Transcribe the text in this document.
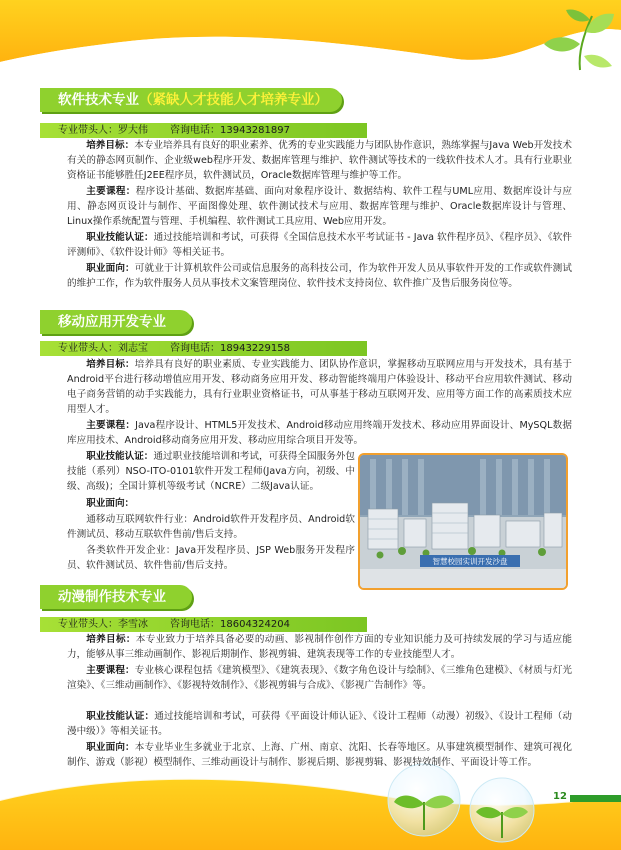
软件技术专业（紧缺人才技能人才培养专业）
专业带头人：罗大伟 咨询电话：13943281897

培养目标：本专业培养具有良好的职业素养、优秀的专业实践能力与团队协作意识，熟练掌握与Java Web开发技术有关的静态网页制作、企业级web程序开发、数据库管理与维护、软件测试等技术的一线软件技术人才。具有行业职业资格证书能够胜任J2EE程序员，软件测试员，Oracle数据库管理与维护等工作。

主要课程：程序设计基础、数据库基础、面向对象程序设计、数据结构、软件工程与UML应用、数据库设计与应用、静态网页设计与制作、平面图像处理、软件测试技术与应用、数据库管理与维护、Oracle数据库设计与管理、Linux操作系统配置与管理、手机编程、软件测试工具应用、Web应用开发。

职业技能认证：通过技能培训和考试，可获得《全国信息技术水平考试证书 - Java 软件程序员》、《程序员》、《软件评测师》、《软件设计师》等相关证书。

职业面向：可就业于计算机软件公司或信息服务的高科技公司，作为软件开发人员从事软件开发的工作或软件测试的维护工作，作为软件服务人员从事技术文案管理岗位、软件技术支持岗位、软件推广及售后服务岗位等。

移动应用开发专业
专业带头人：刘志宝 咨询电话：18943229158

培养目标：培养具有良好的职业素质、专业实践能力、团队协作意识，掌握移动互联网应用与开发技术，具有基于Android平台进行移动增值应用开发、移动商务应用开发、移动智能终端用户体验设计、移动平台应用软件测试、移动电子商务营销的动手实践能力，具有行业职业资格证书，可从事基于移动互联网开发、应用等方面工作的高素质技术应用型人才。

主要课程：Java程序设计、HTML5开发技术、Android移动应用终端开发技术、移动应用界面设计、MySQL数据库应用技术、Android移动商务应用开发、移动应用综合项目开发等。

职业技能认证：通过职业技能培训和考试，可获得全国服务外包技能（系列）NSO-ITO-0101软件开发工程师(Java方向，初级、中级、高级)；全国计算机等级考试（NCRE）二级Java认证。

职业面向：

通移动互联网软件行业：Android软件开发程序员、Android软件测试员、移动互联软件售前/售后支持。

各类软件开发企业：Java开发程序员、JSP Web服务开发程序员、软件测试员、软件售前/售后支持。	智慧校园实训开发沙盘
动漫制作技术专业
专业带头人：李雪冰 咨询电话：18604324204

培养目标：本专业致力于培养具备必要的动画、影视制作创作方面的专业知识能力及可持续发展的学习与适应能力，能够从事三维动画制作、影视后期制作、影视剪辑、建筑表现等工作的专业技能型人才。

主要课程：专业核心课程包括《建筑模型》、《建筑表现》、《数字角色设计与绘制》、《三维角色建模》、《材质与灯光渲染》、《三维动画制作》、《影视特效制作》、《影视剪辑与合成》、《影视广告制作》等。

职业技能认证：通过技能培训和考试，可获得《平面设计师认证》、《设计工程师（动漫）初级》、《设计工程师（动漫中级）》等相关证书。

职业面向：本专业毕业生多就业于北京、上海、广州、南京、沈阳、长春等地区。从事建筑模型制作、建筑可视化制作、游戏（影视）模型制作、三维动画设计与制作、影视后期、影视剪辑、影视特效制作、平面设计等工作。

12
